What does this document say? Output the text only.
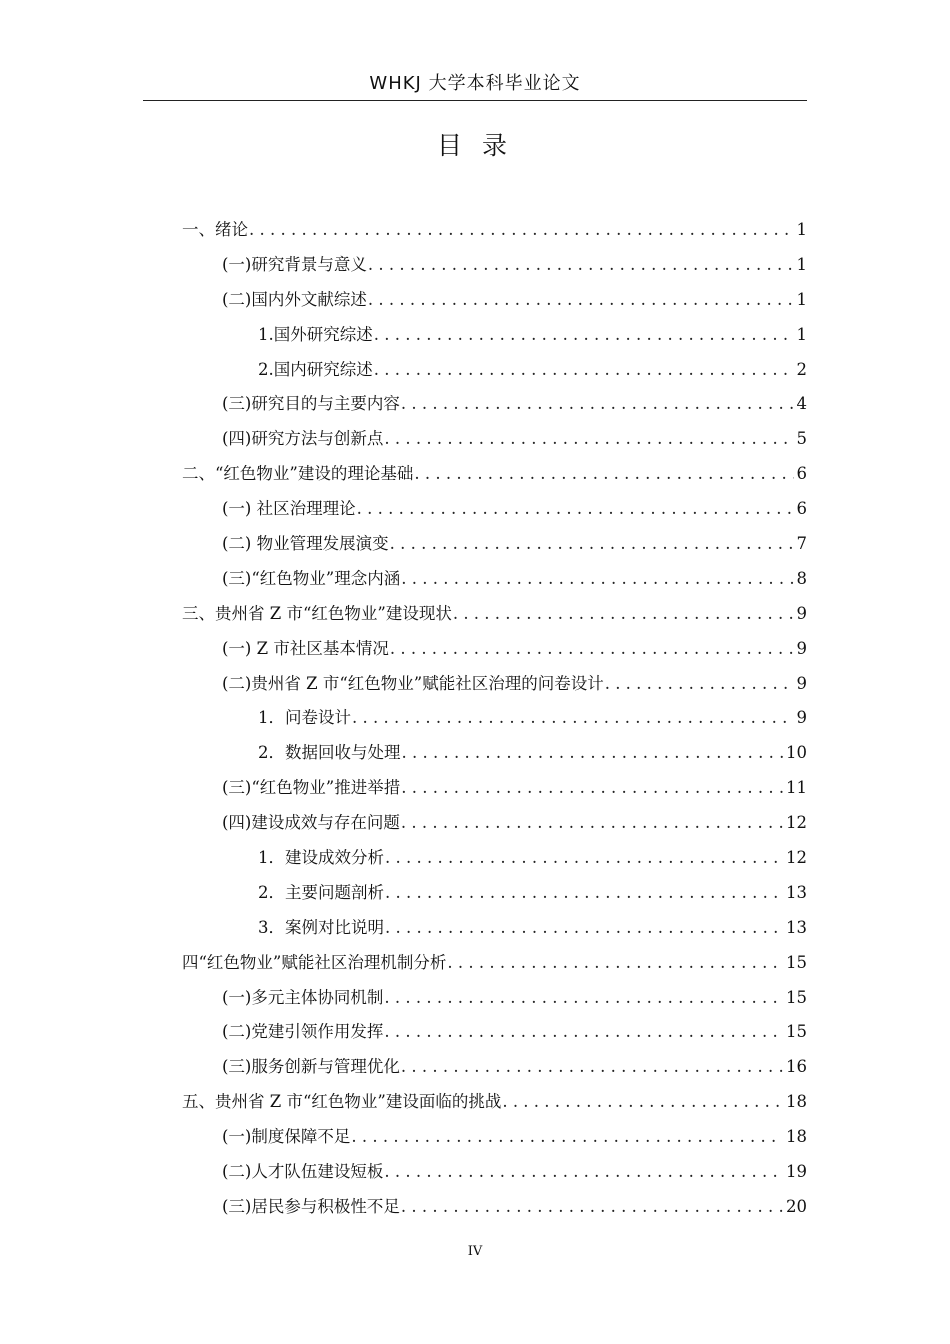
WHKJ 大学本科毕业论文
目 录
一、绪论 . . .	1
(一)研究背景与意义 . . .	1
(二)国内外文献综述 . . .	1
1.国外研究综述 . . .	1
2.国内研究综述 . . .	2
(三)研究目的与主要内容 . . .	4
(四)研究方法与创新点 . . .	5
二、“红色物业”建设的理论基础 . . .	6
(一) 社区治理理论 . . .	6
(二) 物业管理发展演变 . . .	7
(三)“红色物业”理念内涵 . . .	8
三、贵州省 Z 市“红色物业”建设现状 . . .	9
(一) Z 市社区基本情况 . . .	9
(二)贵州省 Z 市“红色物业”赋能社区治理的问卷设计 . . .	9
1．问卷设计 . . .	9
2．数据回收与处理 . . .	10
(三)“红色物业”推进举措 . . .	11
(四)建设成效与存在问题 . . .	12
1．建设成效分析 . . .	12
2．主要问题剖析 . . .	13
3．案例对比说明 . . .	13
四“红色物业”赋能社区治理机制分析 . . .	15
(一)多元主体协同机制 . . .	15
(二)党建引领作用发挥 . . .	15
(三)服务创新与管理优化 . . .	16
五、贵州省 Z 市“红色物业”建设面临的挑战 . . .	18
(一)制度保障不足 . . .	18
(二)人才队伍建设短板 . . .	19
(三)居民参与积极性不足 . . .	20
IV
